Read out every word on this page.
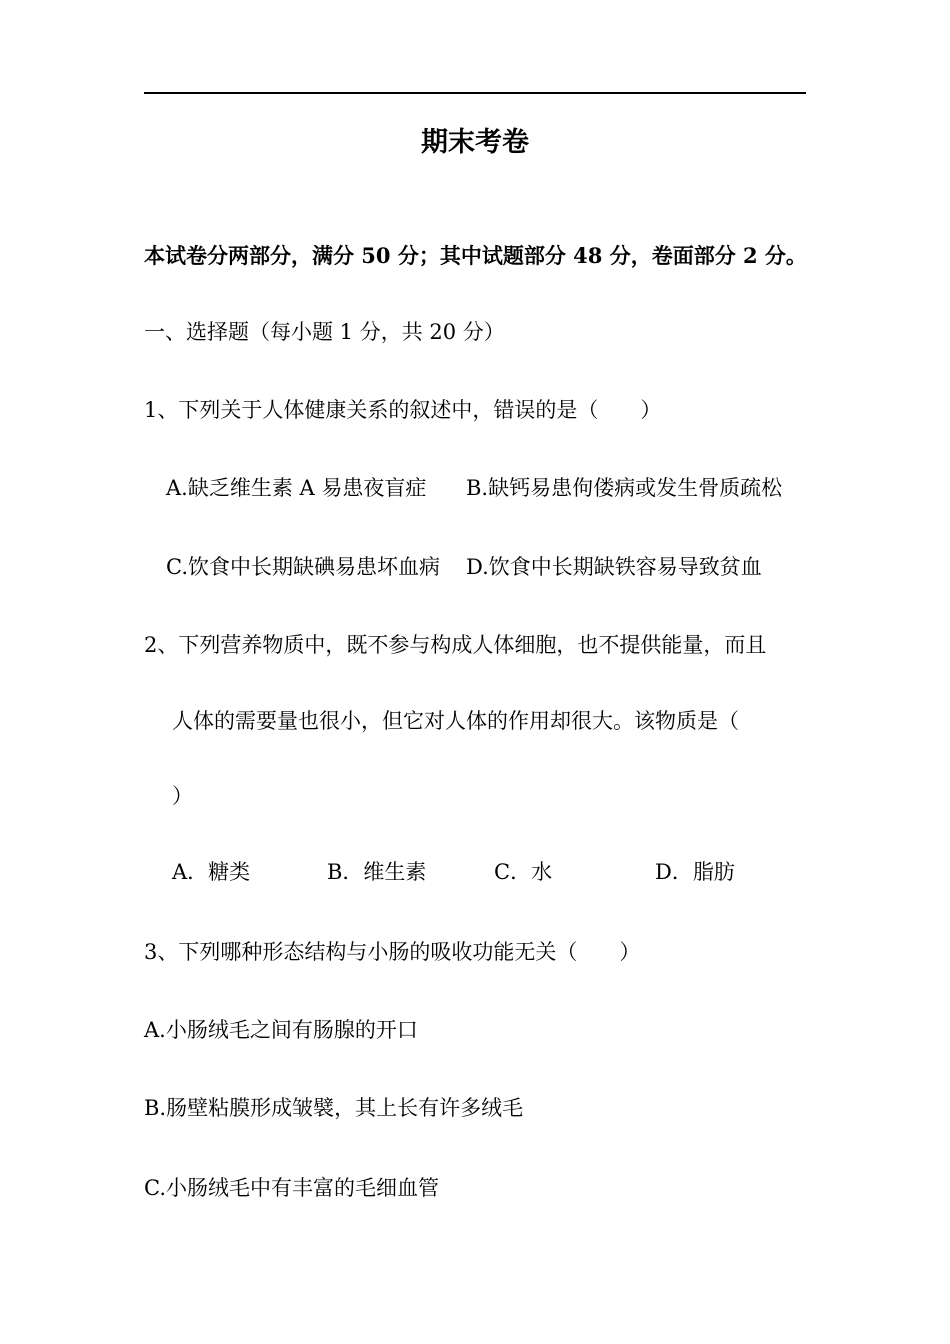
期末考卷
本试卷分两部分，满分 50 分；其中试题部分 48 分，卷面部分 2 分。
一、选择题（每小题 1 分，共 20 分）
1、下列关于人体健康关系的叙述中，错误的是（　　）
A.缺乏维生素 A 易患夜盲症 B.缺钙易患佝偻病或发生骨质疏松
C.饮食中长期缺碘易患坏血病 D.饮食中长期缺铁容易导致贫血
2、下列营养物质中，既不参与构成人体细胞，也不提供能量，而且
人体的需要量也很小，但它对人体的作用却很大。该物质是（
）
A．糖类	B．维生素	C．水	D．脂肪
3、下列哪种形态结构与小肠的吸收功能无关（　　）
A.小肠绒毛之间有肠腺的开口
B.肠壁粘膜形成皱襞，其上长有许多绒毛
C.小肠绒毛中有丰富的毛细血管
